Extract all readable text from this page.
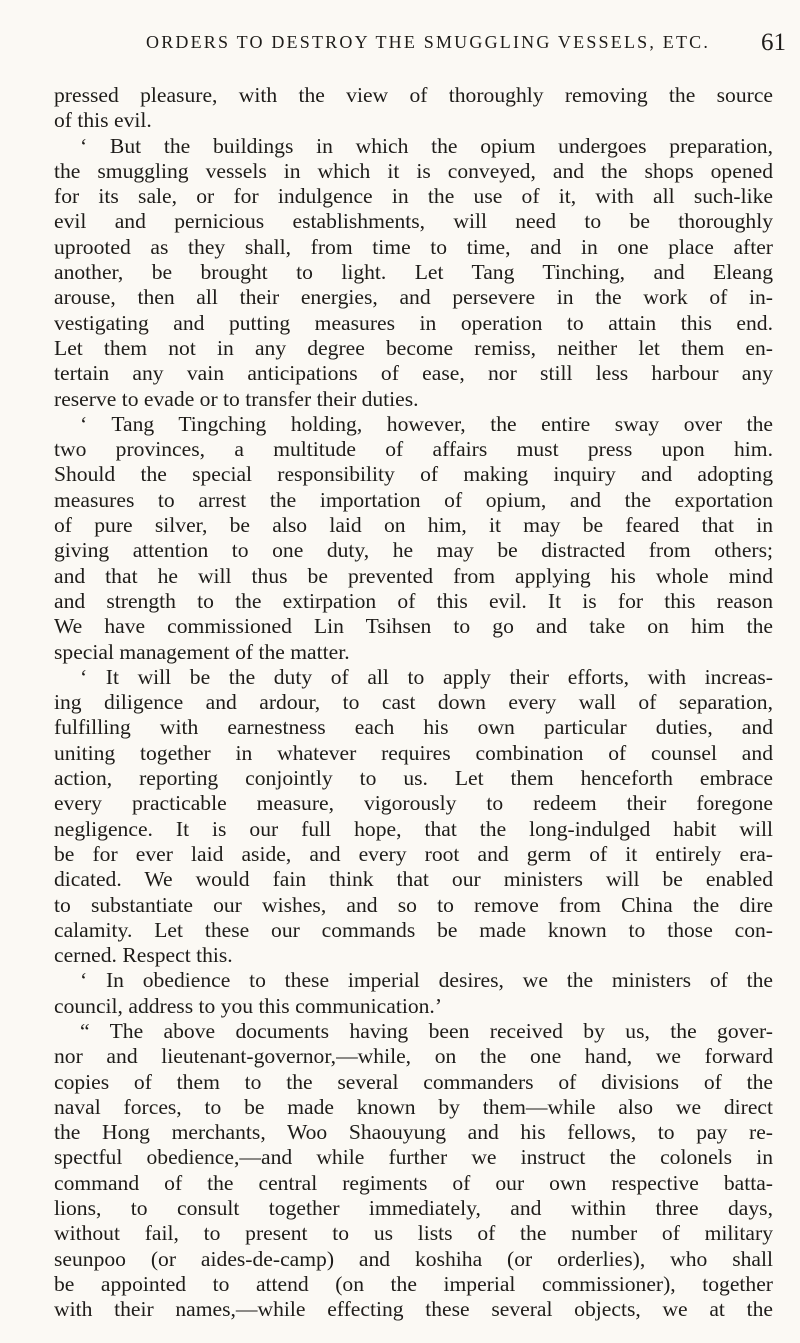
ORDERS TO DESTROY THE SMUGGLING VESSELS, ETC. 61
pressed pleasure, with the view of thoroughly removing the source
of this evil.
‘ But the buildings in which the opium undergoes preparation,
the smuggling vessels in which it is conveyed, and the shops opened
for its sale, or for indulgence in the use of it, with all such-like
evil and pernicious establishments, will need to be thoroughly
uprooted as they shall, from time to time, and in one place after
another, be brought to light. Let Tang Tinching, and Eleang
arouse, then all their energies, and persevere in the work of in-
vestigating and putting measures in operation to attain this end.
Let them not in any degree become remiss, neither let them en-
tertain any vain anticipations of ease, nor still less harbour any
reserve to evade or to transfer their duties.
‘ Tang Tingching holding, however, the entire sway over the
two provinces, a multitude of affairs must press upon him.
Should the special responsibility of making inquiry and adopting
measures to arrest the importation of opium, and the exportation
of pure silver, be also laid on him, it may be feared that in
giving attention to one duty, he may be distracted from others;
and that he will thus be prevented from applying his whole mind
and strength to the extirpation of this evil. It is for this reason
We have commissioned Lin Tsihsen to go and take on him the
special management of the matter.
‘ It will be the duty of all to apply their efforts, with increas-
ing diligence and ardour, to cast down every wall of separation,
fulfilling with earnestness each his own particular duties, and
uniting together in whatever requires combination of counsel and
action, reporting conjointly to us. Let them henceforth embrace
every practicable measure, vigorously to redeem their foregone
negligence. It is our full hope, that the long-indulged habit will
be for ever laid aside, and every root and germ of it entirely era-
dicated. We would fain think that our ministers will be enabled
to substantiate our wishes, and so to remove from China the dire
calamity. Let these our commands be made known to those con-
cerned. Respect this.
‘ In obedience to these imperial desires, we the ministers of the
council, address to you this communication.’
“ The above documents having been received by us, the gover-
nor and lieutenant-governor,—while, on the one hand, we forward
copies of them to the several commanders of divisions of the
naval forces, to be made known by them—while also we direct
the Hong merchants, Woo Shaouyung and his fellows, to pay re-
spectful obedience,—and while further we instruct the colonels in
command of the central regiments of our own respective batta-
lions, to consult together immediately, and within three days,
without fail, to present to us lists of the number of military
seunpoo (or aides-de-camp) and koshiha (or orderlies), who shall
be appointed to attend (on the imperial commissioner), together
with their names,—while effecting these several objects, we at the
